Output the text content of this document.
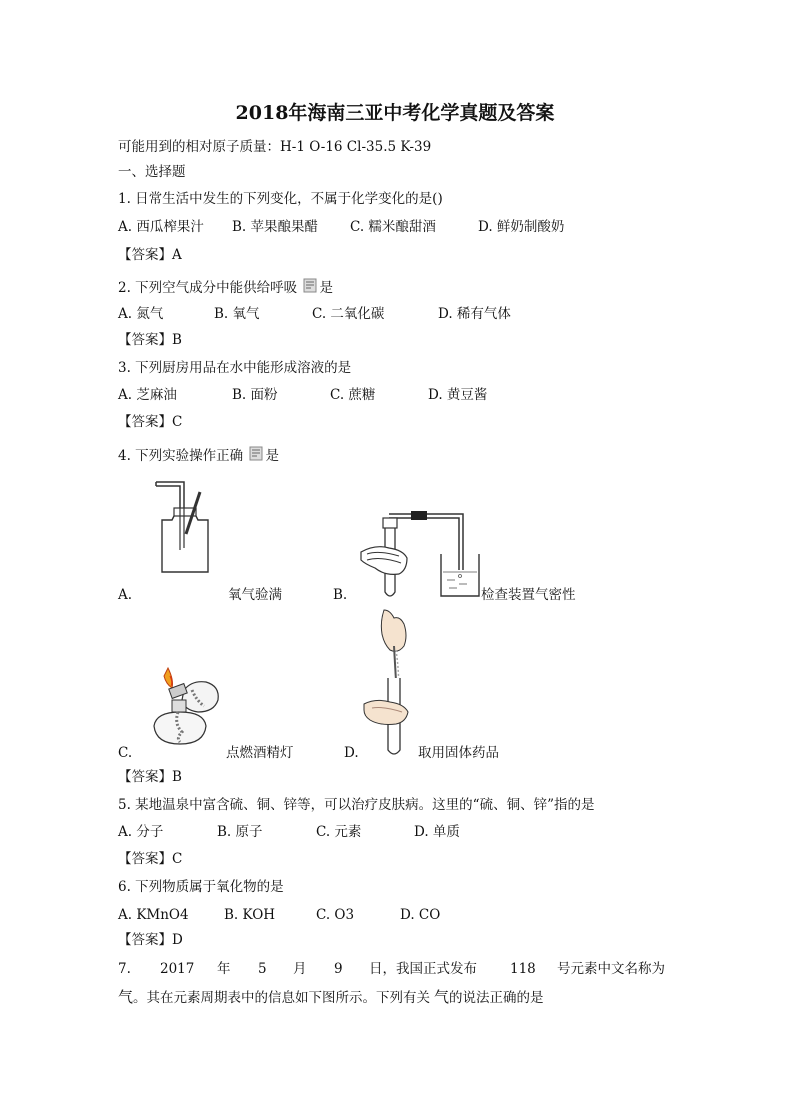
2018年海南三亚中考化学真题及答案
可能用到的相对原子质量：H-1 O-16 Cl-35.5 K-39
一、选择题
1. 日常生活中发生的下列变化，不属于化学变化的是()
A. 西瓜榨果汁 B. 苹果酿果醋 C. 糯米酿甜酒	D. 鲜奶制酸奶
【答案】A
2. 下列空气成分中能供给呼吸 是
A. 氮气	B. 氧气	C. 二氧化碳	D. 稀有气体
【答案】B
3. 下列厨房用品在水中能形成溶液的是
A. 芝麻油	B. 面粉	C. 蔗糖	D. 黄豆酱
【答案】C
4. 下列实验操作正确 是
A.	氧气验满	B.	检查装置气密性
C.	点燃酒精灯	D.	取用固体药品
【答案】B
5. 某地温泉中富含硫、铜、锌等，可以治疗皮肤病。这里的“硫、铜、锌”指的是
A. 分子	B. 原子	C. 元素	D. 单质
【答案】C
6. 下列物质属于氧化物的是
A. KMnO4	B. KOH	C. O3	D. CO
【答案】D
7. 2017 年 5 月 9 日，我国正式发布 118 号元素中文名称为
气。其在元素周期表中的信息如下图所示。下列有关 气的说法正确的是
